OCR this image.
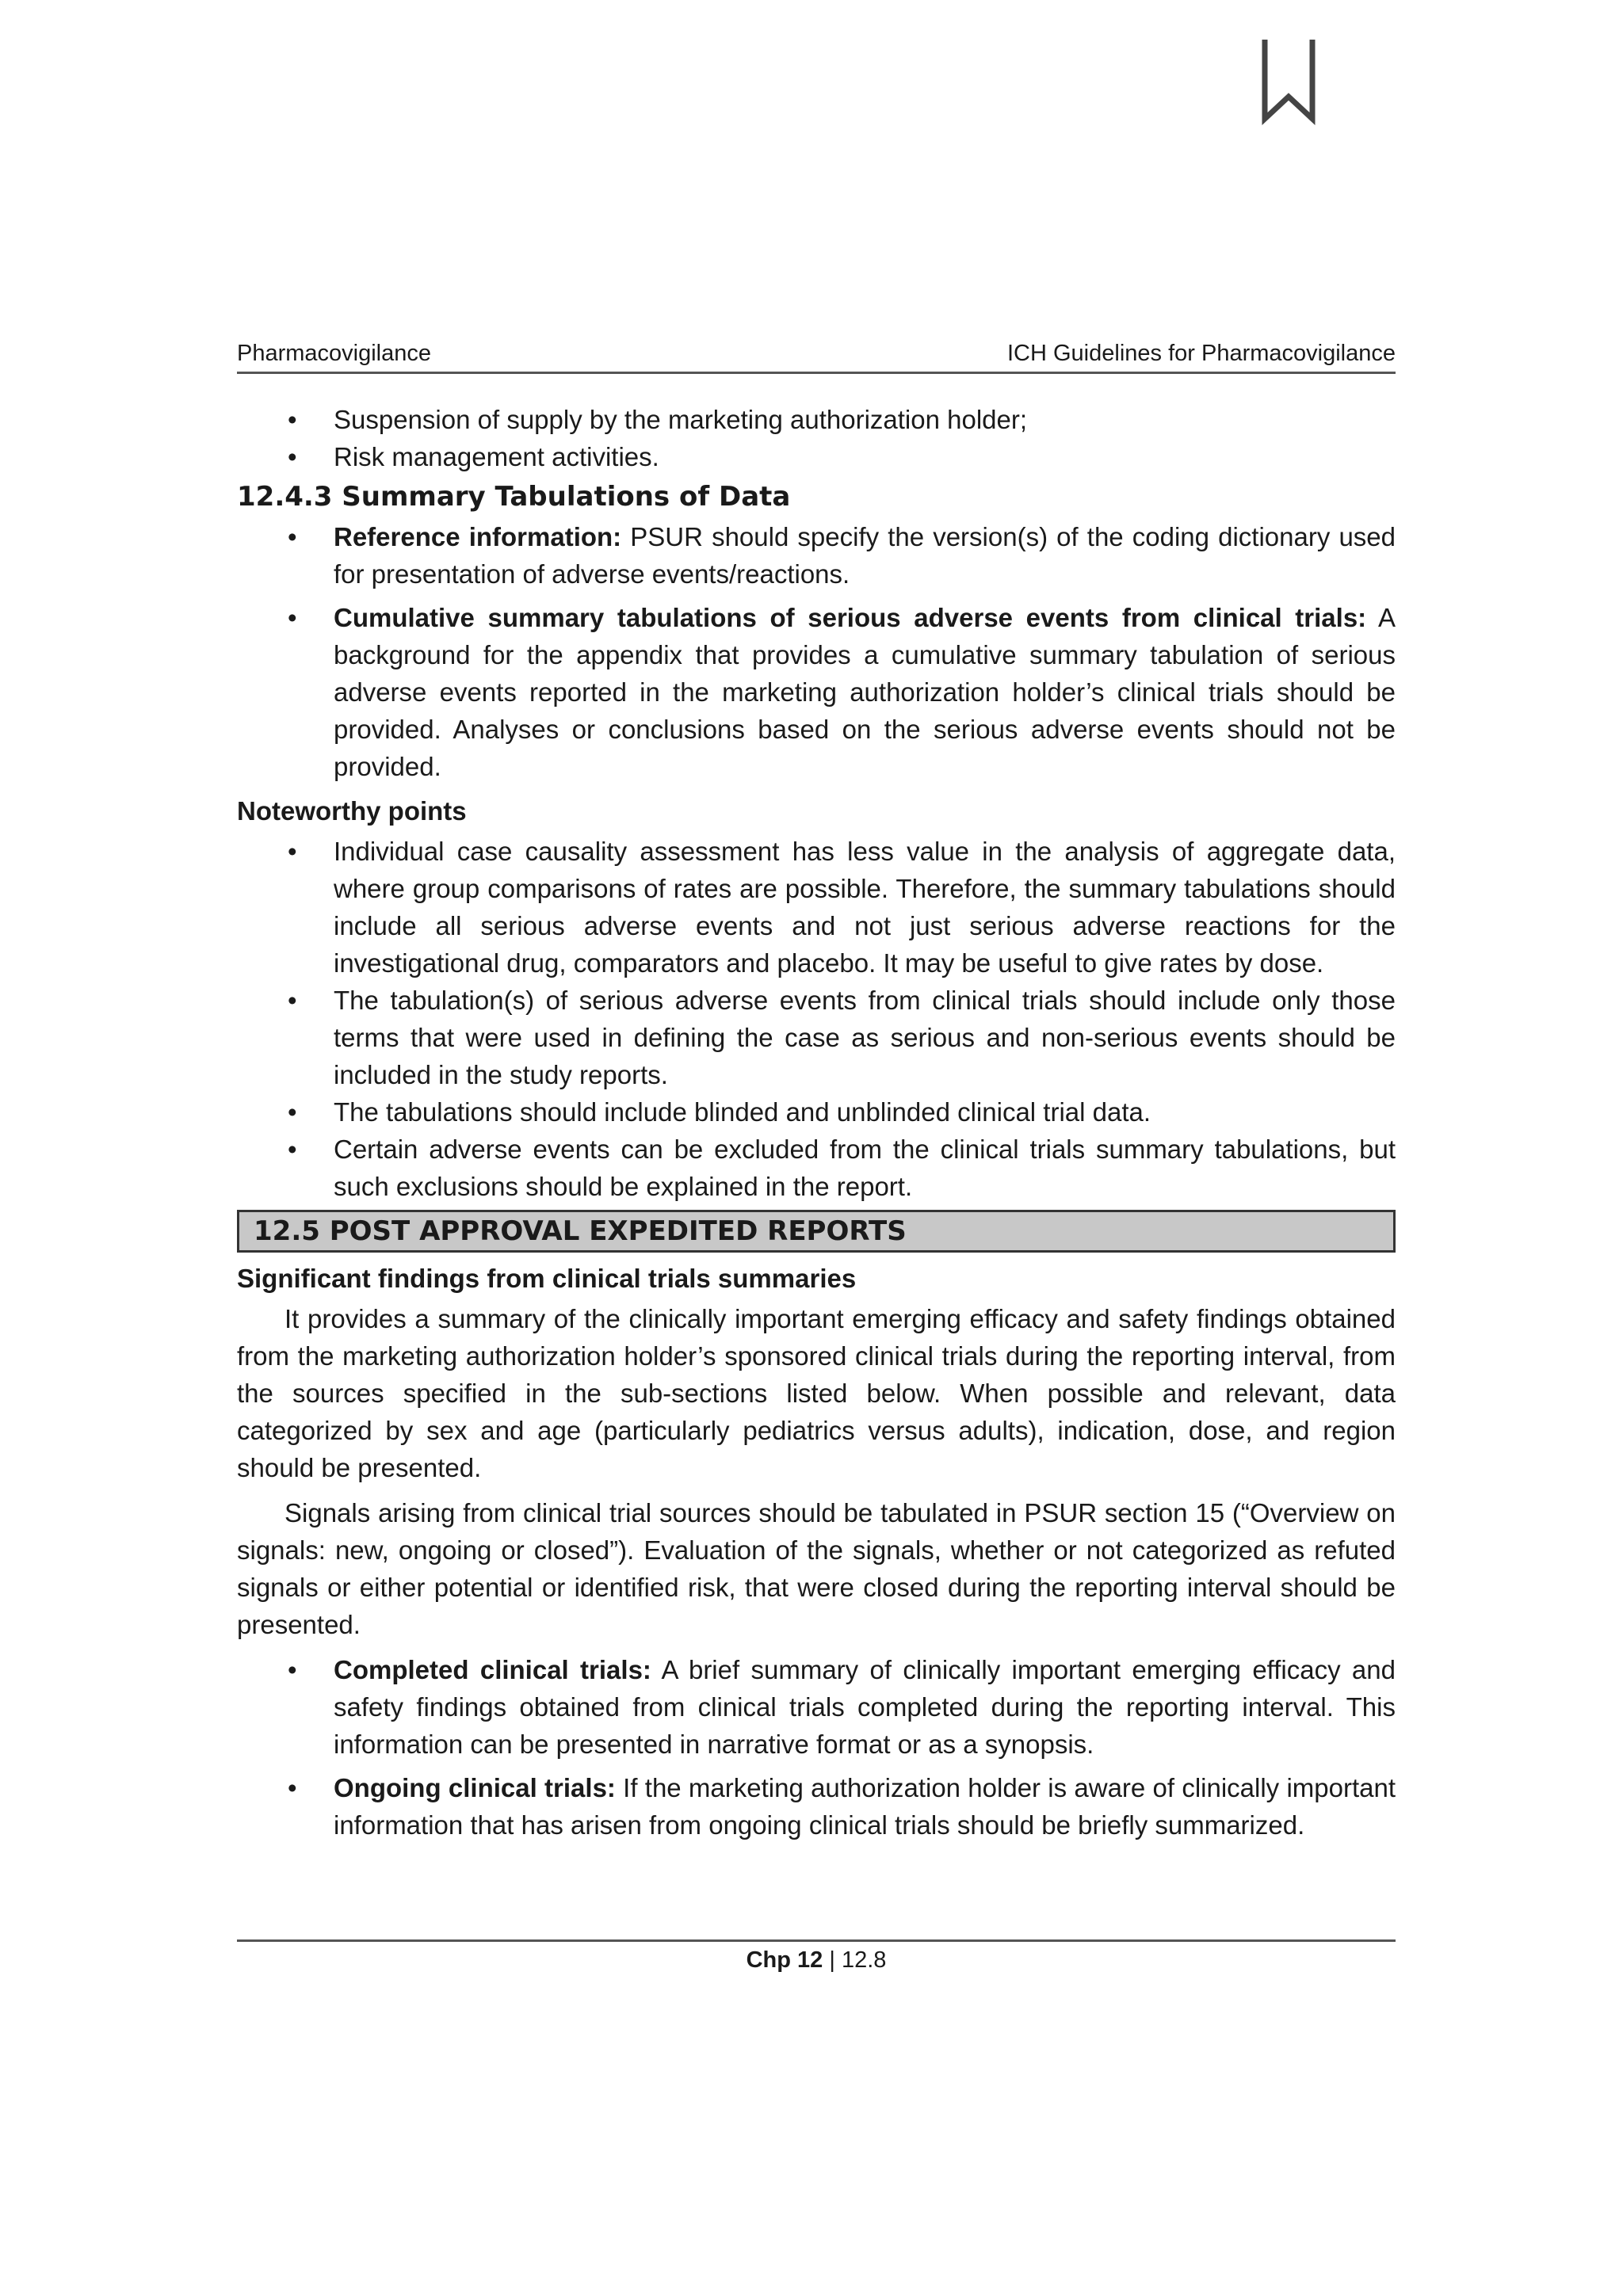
Pharmacovigilance	ICH Guidelines for Pharmacovigilance
• Suspension of supply by the marketing authorization holder;
• Risk management activities.
12.4.3 Summary Tabulations of Data
• Reference information: PSUR should specify the version(s) of the coding dictionary used for presentation of adverse events/reactions.
• Cumulative summary tabulations of serious adverse events from clinical trials: A background for the appendix that provides a cumulative summary tabulation of serious adverse events reported in the marketing authorization holder’s clinical trials should be provided. Analyses or conclusions based on the serious adverse events should not be provided.
Noteworthy points
• Individual case causality assessment has less value in the analysis of aggregate data, where group comparisons of rates are possible. Therefore, the summary tabulations should include all serious adverse events and not just serious adverse reactions for the investigational drug, comparators and placebo. It may be useful to give rates by dose.
• The tabulation(s) of serious adverse events from clinical trials should include only those terms that were used in defining the case as serious and non-serious events should be included in the study reports.
• The tabulations should include blinded and unblinded clinical trial data.
• Certain adverse events can be excluded from the clinical trials summary tabulations, but such exclusions should be explained in the report.
12.5 POST APPROVAL EXPEDITED REPORTS
Significant findings from clinical trials summaries

It provides a summary of the clinically important emerging efficacy and safety findings obtained from the marketing authorization holder’s sponsored clinical trials during the reporting interval, from the sources specified in the sub-sections listed below. When possible and relevant, data categorized by sex and age (particularly pediatrics versus adults), indication, dose, and region should be presented.

Signals arising from clinical trial sources should be tabulated in PSUR section 15 (“Overview on signals: new, ongoing or closed”). Evaluation of the signals, whether or not categorized as refuted signals or either potential or identified risk, that were closed during the reporting interval should be presented.

• Completed clinical trials: A brief summary of clinically important emerging efficacy and safety findings obtained from clinical trials completed during the reporting interval. This information can be presented in narrative format or as a synopsis.
• Ongoing clinical trials: If the marketing authorization holder is aware of clinically important information that has arisen from ongoing clinical trials should be briefly summarized.
Chp 12 | 12.8
